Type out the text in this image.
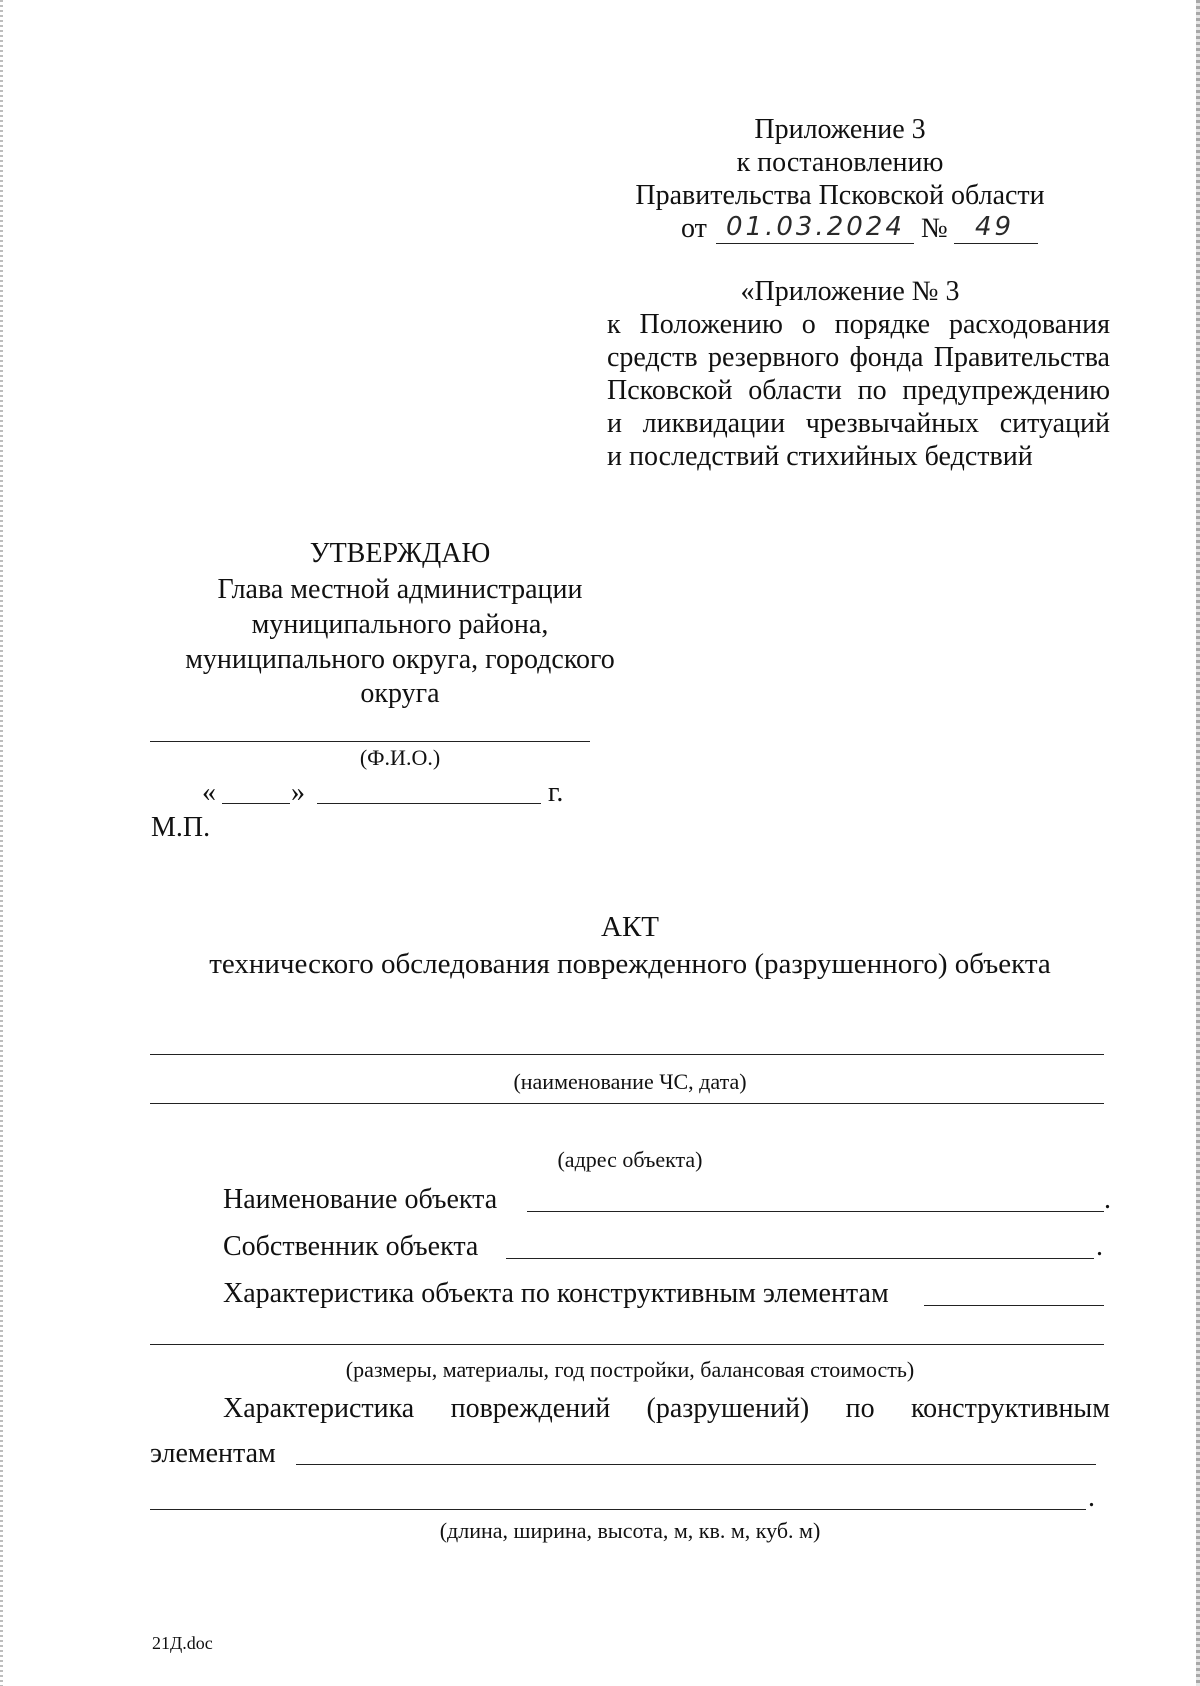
Приложение 3
к постановлению
Правительства Псковской области
от 01.03.2024 № 49
«Приложение № 3
к Положению о порядке расходования
средств резервного фонда Правительства
Псковской области по предупреждению
и ликвидации чрезвычайных ситуаций
и последствий стихийных бедствий
УТВЕРЖДАЮ
Глава местной администрации
муниципального района,
муниципального округа, городского
округа
(Ф.И.О.)
«	»	г.
М.П.
АКТ
технического обследования поврежденного (разрушенного) объекта
(наименование ЧС, дата)
(адрес объекта)
Наименование объекта	.
Собственник объекта	.
Характеристика объекта по конструктивным элементам
(размеры, материалы, год постройки, балансовая стоимость)
Характеристика повреждений (разрушений) по конструктивным
элементам
.
(длина, ширина, высота, м, кв. м, куб. м)
21Д.doc
